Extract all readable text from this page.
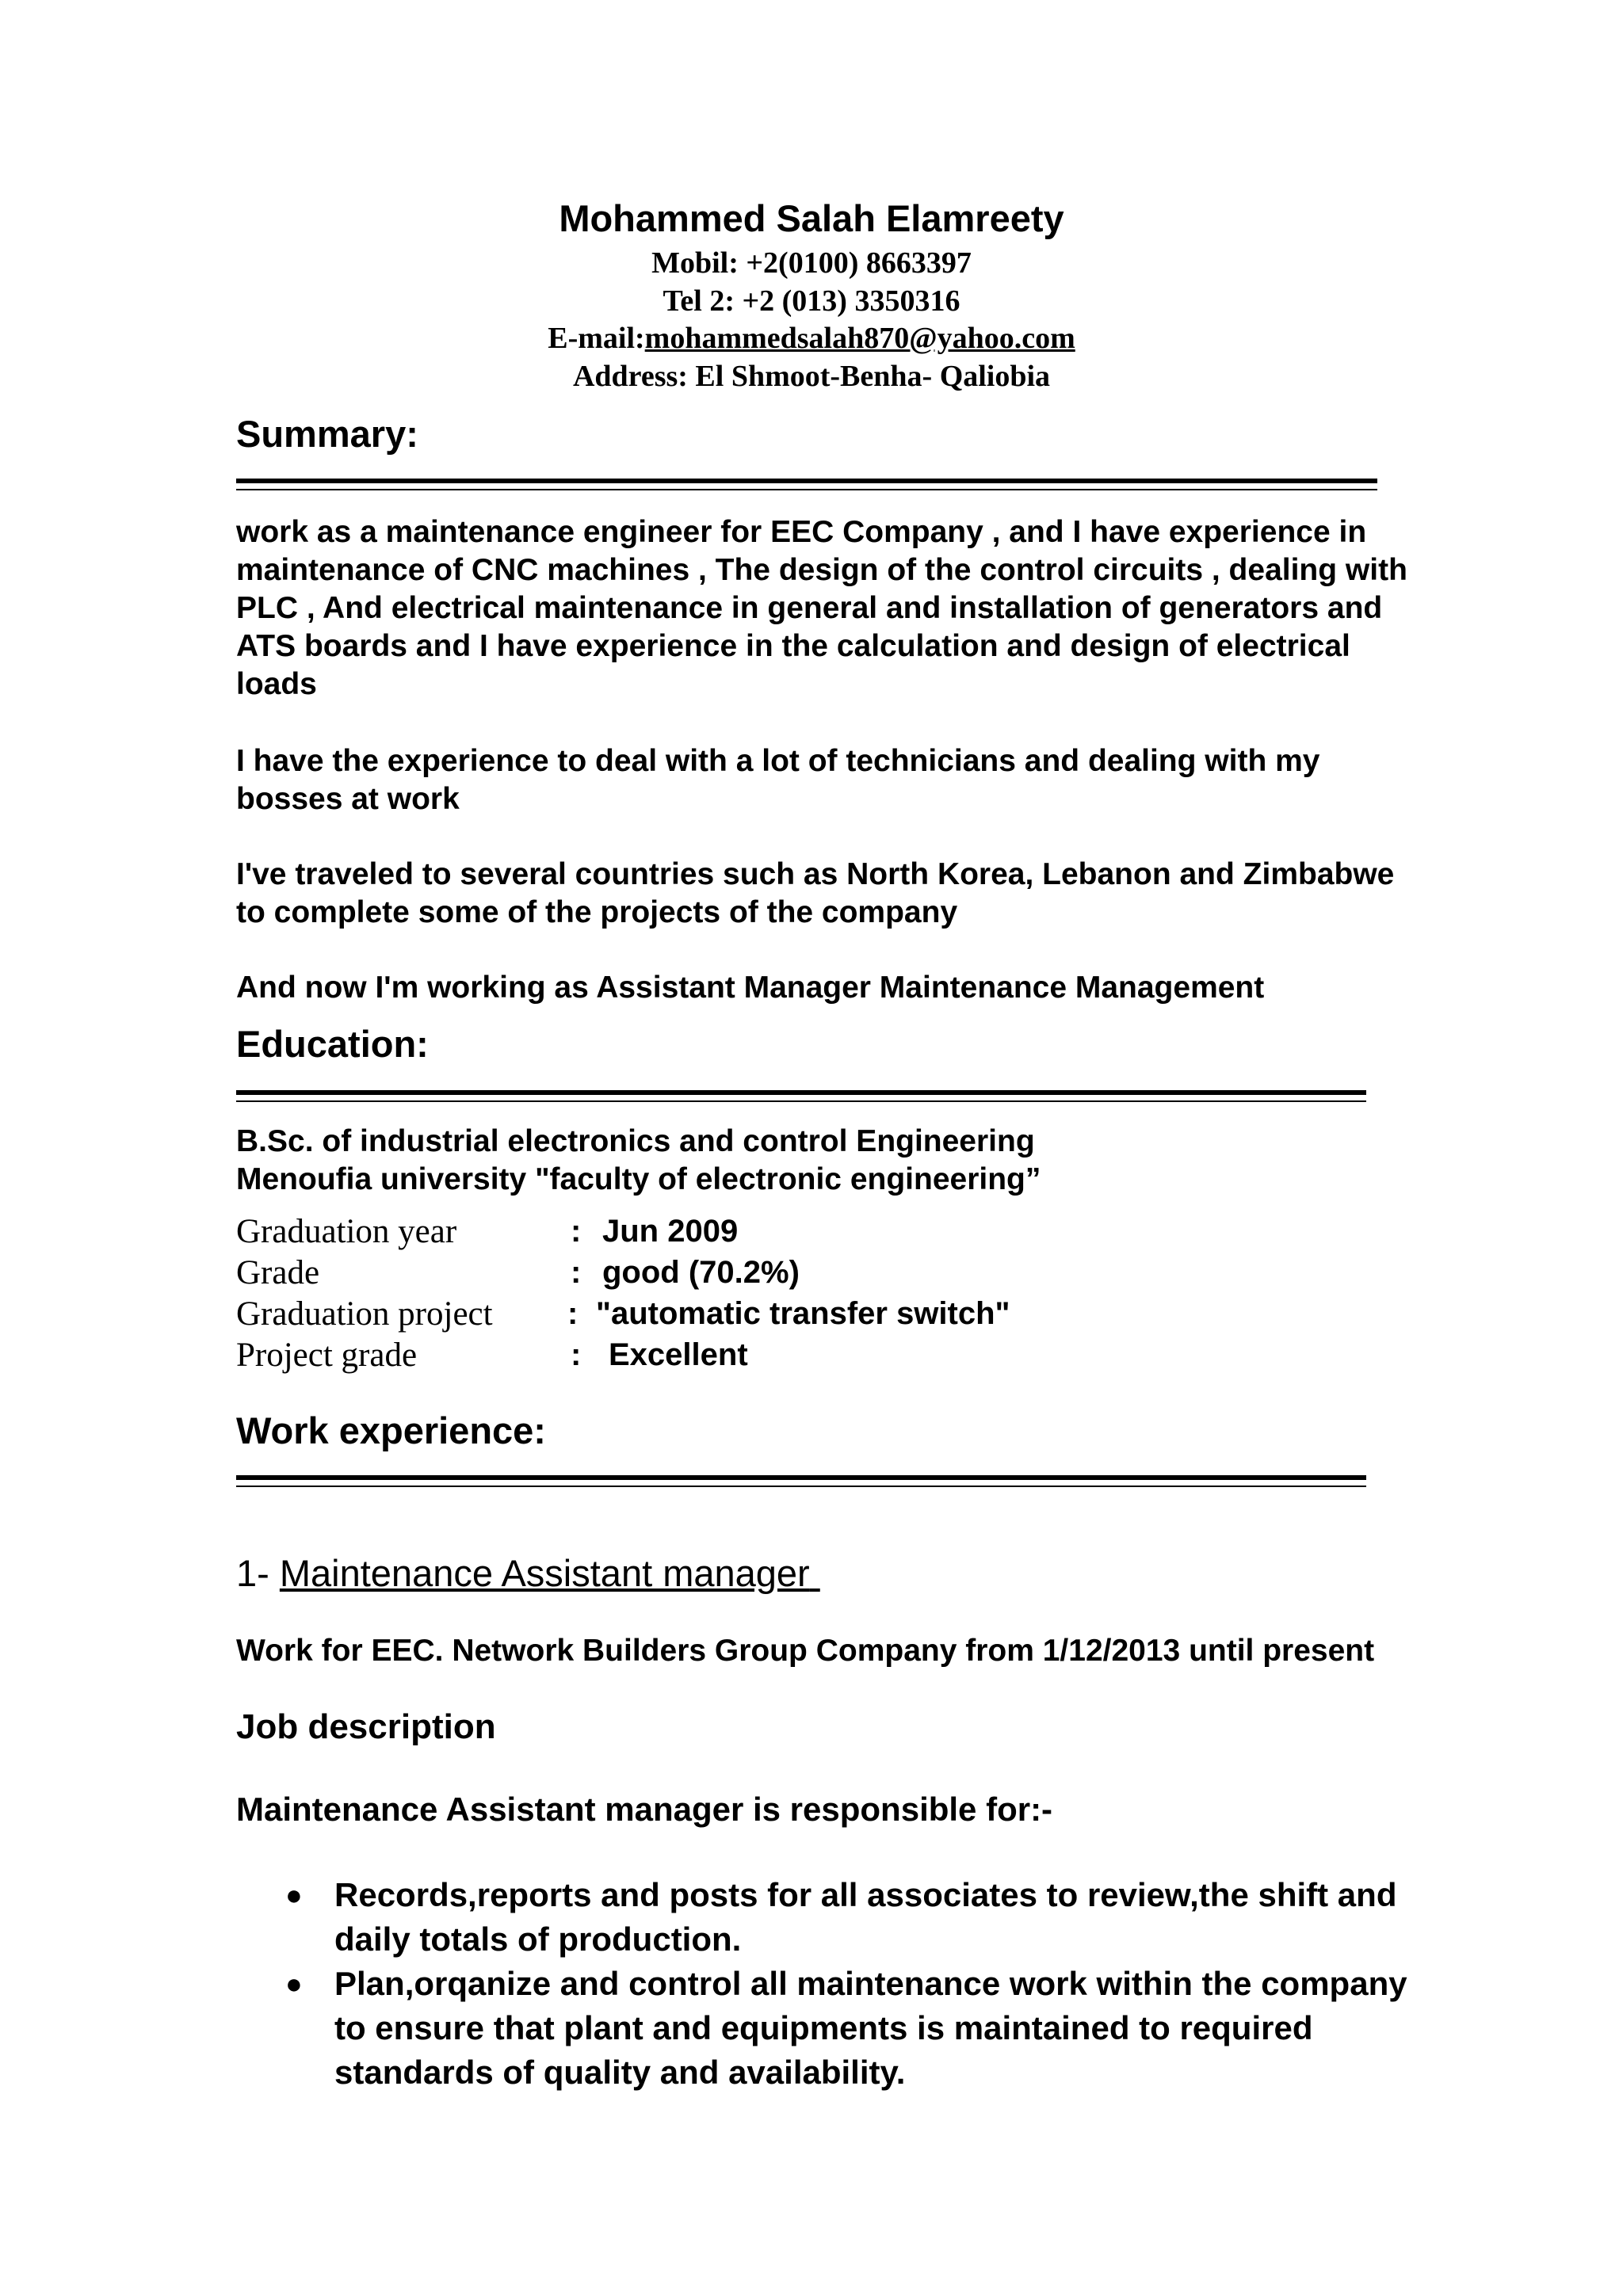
Mohammed Salah Elamreety
Mobil: +2(0100) 8663397
Tel 2: +2 (013) 3350316
E-mail:mohammedsalah870@yahoo.com
Address: El Shmoot-Benha- Qaliobia
Summary:
work as a maintenance engineer for EEC Company , and I have experience in maintenance of CNC machines , The design of the control circuits , dealing with PLC , And electrical maintenance in general and installation of generators and ATS boards and I have experience in the calculation and design of electrical loads
I have the experience to deal with a lot of technicians and dealing with my bosses at work
I've traveled to several countries such as North Korea, Lebanon and Zimbabwe to complete some of the projects of the company
And now I'm working as Assistant Manager Maintenance Management
Education:
B.Sc. of industrial electronics and control Engineering
Menoufia university "faculty of electronic engineering”
Graduation year	: Jun 2009
Grade	: good (70.2%)
Graduation project : "automatic transfer switch"
Project grade	: Excellent
Work experience:
1- Maintenance Assistant manager
Work for EEC. Network Builders Group Company from 1/12/2013 until present
Job description
Maintenance Assistant manager is responsible for:-
● Records,reports and posts for all associates to review,the shift and daily totals of production.
● Plan,orqanize and control all maintenance work within the company to ensure that plant and equipments is maintained to required standards of quality and availability.
